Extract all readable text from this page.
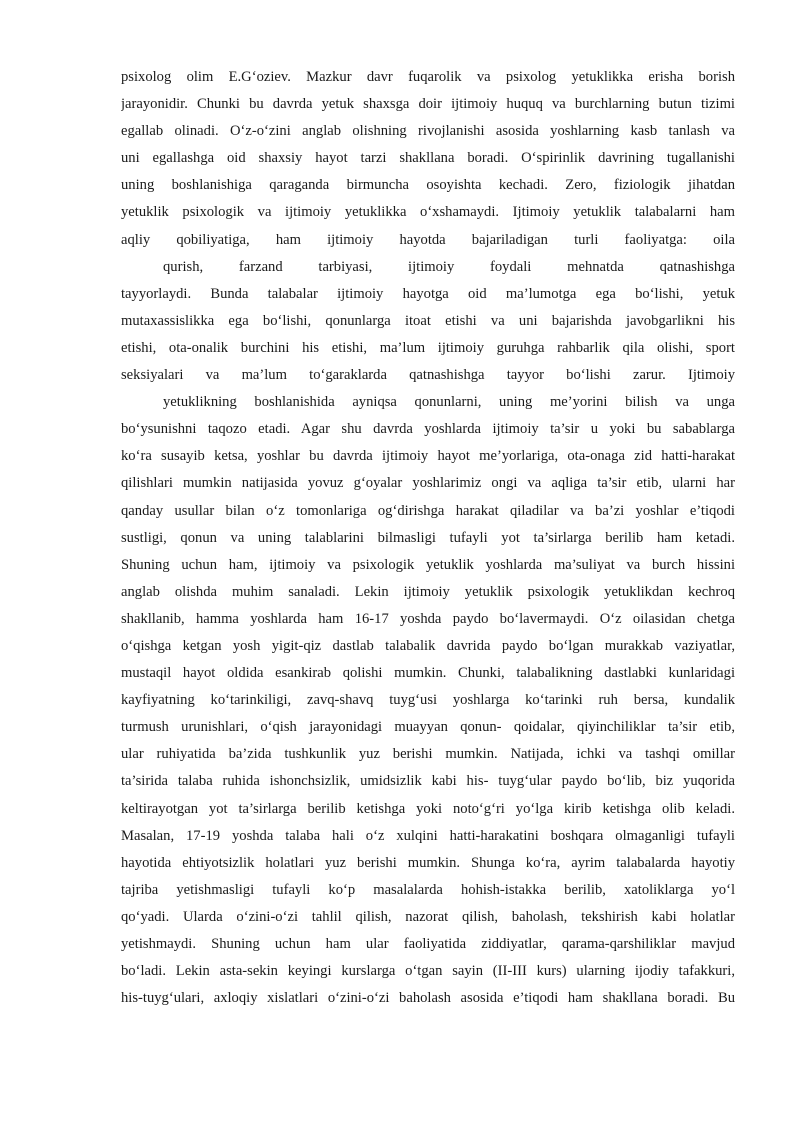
psixolog olim E.G‘oziev. Mazkur davr fuqarolik va psixolog yetuklikka erisha borish
jarayonidir. Chunki bu davrda yetuk shaxsga doir ijtimoiy huquq va burchlarning butun tizimi
egallab olinadi. O‘z-o‘zini anglab olishning rivojlanishi asosida yoshlarning kasb tanlash va
uni egallashga oid shaxsiy hayot tarzi shakllana boradi. O‘spirinlik davrining tugallanishi
uning boshlanishiga qaraganda birmuncha osoyishta kechadi. Zero, fiziologik jihatdan
yetuklik psixologik va ijtimoiy yetuklikka o‘xshamaydi. Ijtimoiy yetuklik talabalarni ham
aqliy qobiliyatiga, ham ijtimoiy hayotda bajariladigan turli faoliyatga: oila
qurish, farzand tarbiyasi, ijtimoiy foydali mehnatda qatnashishga
tayyorlaydi. Bunda talabalar ijtimoiy hayotga oid ma’lumotga ega bo‘lishi, yetuk
mutaxassislikka ega bo‘lishi, qonunlarga itoat etishi va uni bajarishda javobgarlikni his
etishi, ota-onalik burchini his etishi, ma’lum ijtimoiy guruhga rahbarlik qila olishi, sport
seksiyalari va ma’lum to‘garaklarda qatnashishga tayyor bo‘lishi zarur. Ijtimoiy
yetuklikning boshlanishida ayniqsa qonunlarni, uning me’yorini bilish va unga
bo‘ysunishni taqozo etadi. Agar shu davrda yoshlarda ijtimoiy ta’sir u yoki bu sabablarga
ko‘ra susayib ketsa, yoshlar bu davrda ijtimoiy hayot me’yorlariga, ota-onaga zid hatti-harakat
qilishlari mumkin natijasida yovuz g‘oyalar yoshlarimiz ongi va aqliga ta’sir etib, ularni har
qanday usullar bilan o‘z tomonlariga og‘dirishga harakat qiladilar va ba’zi yoshlar e’tiqodi
sustligi, qonun va uning talablarini bilmasligi tufayli yot ta’sirlarga berilib ham ketadi.
Shuning uchun ham, ijtimoiy va psixologik yetuklik yoshlarda ma’suliyat va burch hissini
anglab olishda muhim sanaladi. Lekin ijtimoiy yetuklik psixologik yetuklikdan kechroq
shakllanib, hamma yoshlarda ham 16-17 yoshda paydo bo‘lavermaydi. O‘z oilasidan chetga
o‘qishga ketgan yosh yigit-qiz dastlab talabalik davrida paydo bo‘lgan murakkab vaziyatlar,
mustaqil hayot oldida esankirab qolishi mumkin. Chunki, talabalikning dastlabki kunlaridagi
kayfiyatning ko‘tarinkiligi, zavq-shavq tuyg‘usi yoshlarga ko‘tarinki ruh bersa, kundalik
turmush urunishlari, o‘qish jarayonidagi muayyan qonun- qoidalar, qiyinchiliklar ta’sir etib,
ular ruhiyatida ba’zida tushkunlik yuz berishi mumkin. Natijada, ichki va tashqi omillar
ta’sirida talaba ruhida ishonchsizlik, umidsizlik kabi his- tuyg‘ular paydo bo‘lib, biz yuqorida
keltirayotgan yot ta’sirlarga berilib ketishga yoki noto‘g‘ri yo‘lga kirib ketishga olib keladi.
Masalan, 17-19 yoshda talaba hali o‘z xulqini hatti-harakatini boshqara olmaganligi tufayli
hayotida ehtiyotsizlik holatlari yuz berishi mumkin. Shunga ko‘ra, ayrim talabalarda hayotiy
tajriba yetishmasligi tufayli ko‘p masalalarda hohish-istakka berilib, xatoliklarga yo‘l
qo‘yadi. Ularda o‘zini-o‘zi tahlil qilish, nazorat qilish, baholash, tekshirish kabi holatlar
yetishmaydi. Shuning uchun ham ular faoliyatida ziddiyatlar, qarama-qarshiliklar mavjud
bo‘ladi. Lekin asta-sekin keyingi kurslarga o‘tgan sayin (II-III kurs) ularning ijodiy tafakkuri,
his-tuyg‘ulari, axloqiy xislatlari o‘zini-o‘zi baholash asosida e’tiqodi ham shakllana boradi. Bu
